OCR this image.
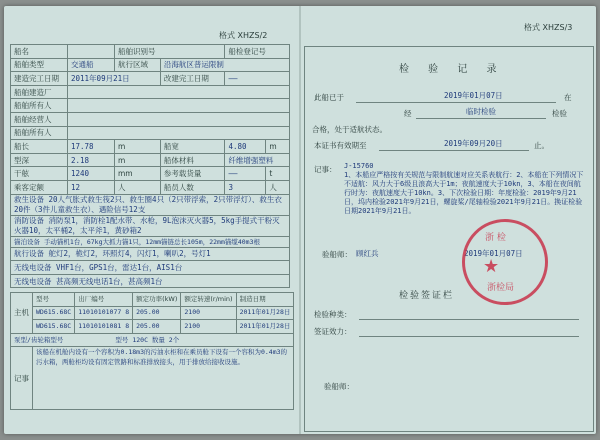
格式 XHZS/2
格式 XHZS/3
船名		船舶识别号		船检登记号	
船舶类型	交通船	航行区域	沿海航区普运限制		
建造完工日期	2011年09月21日		改建完工日期	——	
船舶建造厂					
船舶所有人					
船舶经营人					
船舶所有人					
船长	17.78	m	船宽	4.80	m
型深	2.18	m	船体材料	纤维增强塑料	
干舷	1240	mm	参考载货量	——	t
乘客定额	12	人	船员人数	3	人
救生设备 20人气胀式救生筏2只、救生圈4只（2只带浮索，2只带浮灯）、救生衣20件（3件儿童救生衣）、遇险信号12支					
消防设备 消防泵1，消防栓1配水带、水枪，9L泡沫灭火器5，5kg手提式干粉灭火器10，太平桶2，太平斧1，黄砂箱2					
锚泊设备 手动锚机1台，67kg大抓力锚1只，12mm锚链总长105m，22mm锚缆40m3根					
航行设备 舵灯2，桅灯2，环照灯4，闪灯1，喇叭2，号灯1					
无线电设备 VHF1台，GPS1台，雷达1台，AIS1台					
无线电设备 甚高频无线电话1台，甚高频1台					
主机	型号	出厂编号	额定功率(kW)	额定转速(r/min)	制造日期
	WD615.68C	11010101077 8	205.00	2100	2011年01月28日
	WD615.68C	11010101081 8	205.00	2100	2011年01月28日
泵型/齿轮箱型号　　　　　　　　型号 120C 数量 2个					
记事	该船在机舱内设有一个容积为0.18m3的污油水柜和在乘员舱下设有一个容积为0.4m3的污水箱，两舱柜均设有固定管路和标准排放接头，用于排放给接收设施。				
检 验 记 录
此船已于	2019年01月07日	在
经	临时检验	检验
合格，处于适航状态。
本证书有效期至	2019年09月20日	止。
记事： J-15760
1、本船应严格按有关规范与限制航速对应关系表航行：2、本船在下列情况下不适航：风力大于6级且浪高大于1m；夜航速度大于10kn，3、本船在夜间航行时为：夜航速度大于10kn。3、下次检验日期：年度检验：2019年9月21日，坞内检验2021年9月21日，螺旋桨/尾轴检验2021年9月21日。换证检验日期2021年9月21日。
验船师： 顾红兵	2019年01月07日
浙 检
★
浙检局
检验签证栏
检验种类：
签证效力：
验船师：
